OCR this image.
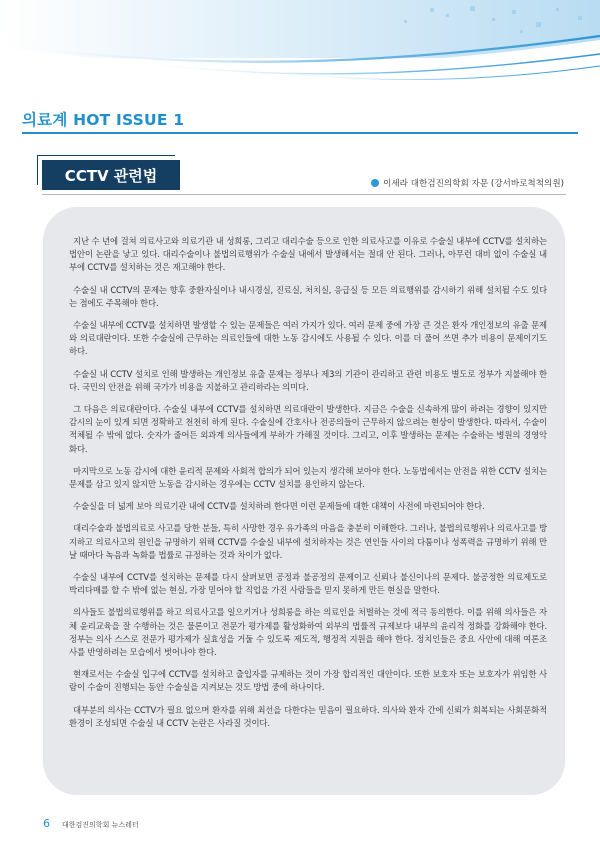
의료계 HOT ISSUE 1
CCTV 관련법	이세라 대한검진의학회 자문 (강서바로척척의원)

지난 수 년에 걸쳐 의료사고와 의료기관 내 성희롱, 그리고 대리수술 등으로 인한 의료사고를 이유로 수술실 내부에 CCTV를 설치하는 법안이 논란을 낳고 있다. 대리수술이나 불법의료행위가 수술실 내에서 발생해서는 절대 안 된다. 그러나, 아무런 대비 없이 수술실 내부에 CCTV를 설치하는 것은 재고해야 한다.

수술실 내 CCTV의 문제는 향후 중환자실이나 내시경실, 진료실, 처치실, 응급실 등 모든 의료행위를 감시하기 위해 설치될 수도 있다는 점에도 주목해야 한다.

수술실 내부에 CCTV를 설치하면 발생할 수 있는 문제들은 여러 가지가 있다. 여러 문제 중에 가장 큰 것은 환자 개인정보의 유출 문제와 의료대란이다. 또한 수술실에 근무하는 의료인들에 대한 노동 감시에도 사용될 수 있다. 이를 더 풀어 쓰면 추가 비용이 문제이기도 하다.

수술실 내 CCTV 설치로 인해 발생하는 개인정보 유출 문제는 정부나 제3의 기관이 관리하고 관련 비용도 별도로 정부가 지불해야 한다. 국민의 안전을 위해 국가가 비용을 지불하고 관리하라는 의미다.

그 다음은 의료대란이다. 수술실 내부에 CCTV를 설치하면 의료대란이 발생한다. 지금은 수술을 신속하게 많이 하려는 경향이 있지만 감시의 눈이 있게 되면 정확하고 천천히 하게 된다. 수술실에 간호사나 전공의들이 근무하지 않으려는 현상이 발생한다. 따라서, 수술이 적체될 수 밖에 없다. 숫자가 줄어든 외과계 의사들에게 부하가 가해질 것이다. 그리고, 이후 발생하는 문제는 수술하는 병원의 경영악화다.

마지막으로 노동 감시에 대한 윤리적 문제와 사회적 합의가 되어 있는지 생각해 보아야 한다. 노동법에서는 안전을 위한 CCTV 설치는 문제를 삼고 있지 않지만 노동을 감시하는 경우에는 CCTV 설치를 용인하지 않는다.

수술실을 더 넓게 보아 의료기관 내에 CCTV를 설치하려 한다면 이런 문제들에 대한 대책이 사전에 마련되어야 한다.

대리수술과 불법의료로 사고를 당한 분들, 특히 사망한 경우 유가족의 마음을 충분히 이해한다. 그러나, 불법의료행위나 의료사고를 방지하고 의료사고의 원인을 규명하기 위해 CCTV를 수술실 내부에 설치하자는 것은 연인들 사이의 다툼이나 성폭력을 규명하기 위해 만날 때마다 녹음과 녹화를 법률로 규정하는 것과 차이가 없다.

수술실 내부에 CCTV를 설치하는 문제를 다시 살펴보면 공정과 불공정의 문제이고 신뢰나 불신이나의 문제다. 불공정한 의료제도로 박리다매를 할 수 밖에 없는 현실, 가장 믿어야 할 직업을 가진 사람들을 믿지 못하게 만든 현실을 말한다.

의사들도 불법의료행위를 하고 의료사고를 일으키거나 성희롱을 하는 의료인을 처벌하는 것에 적극 동의한다. 이를 위해 의사들은 자체 윤리교육을 잘 수행하는 것은 물론이고 전문가 평가제를 활성화하여 외부의 법률적 규제보다 내부의 윤리적 정화를 강화해야 한다. 정부는 의사 스스로 전문가 평가제가 실효성을 거둘 수 있도록 제도적, 행정적 지원을 해야 한다. 정치인들은 중요 사안에 대해 여론조사를 반영하려는 모습에서 벗어나야 한다.

현재로서는 수술실 입구에 CCTV를 설치하고 출입자를 규제하는 것이 가장 합리적인 대안이다. 또한 보호자 또는 보호자가 위임한 사람이 수술이 진행되는 동안 수술실을 지켜보는 것도 방법 중에 하나이다.

대부분의 의사는 CCTV가 필요 없으며 환자를 위해 최선을 다한다는 믿음이 필요하다. 의사와 환자 간에 신뢰가 회복되는 사회문화적 환경이 조성되면 수술실 내 CCTV 논란은 사라질 것이다.

6 대한검진의학회 뉴스레터
